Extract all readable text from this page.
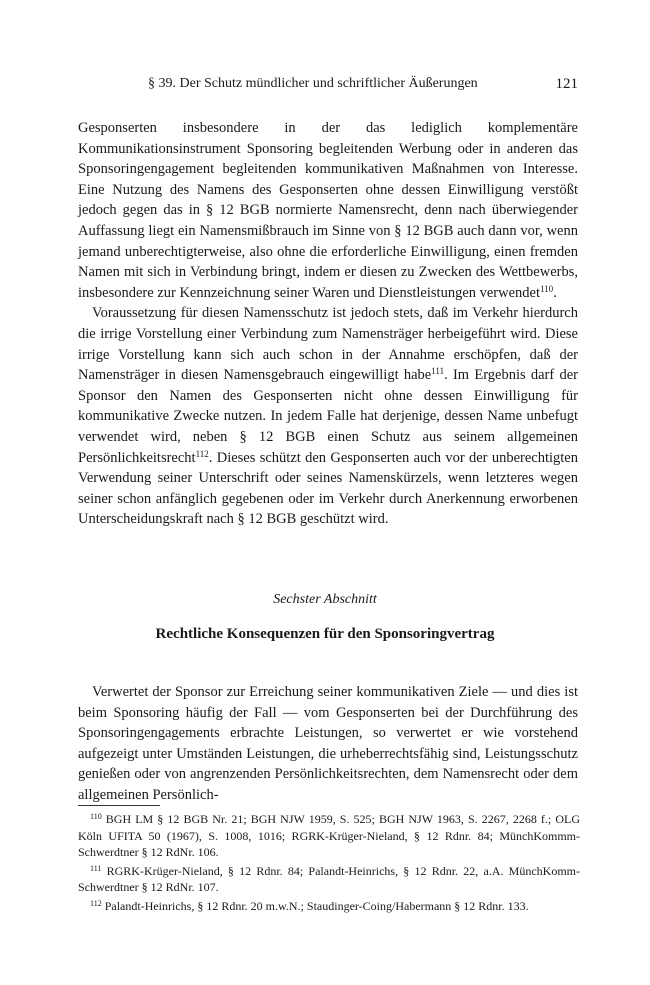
§ 39. Der Schutz mündlicher und schriftlicher Äußerungen	121

Gesponserten insbesondere in der das lediglich komplementäre Kommunikationsinstrument Sponsoring begleitenden Werbung oder in anderen das Sponsoringengagement begleitenden kommunikativen Maßnahmen von Interesse. Eine Nutzung des Namens des Gesponserten ohne dessen Einwilligung verstößt jedoch gegen das in § 12 BGB normierte Namensrecht, denn nach überwiegender Auffassung liegt ein Namensmißbrauch im Sinne von § 12 BGB auch dann vor, wenn jemand unberechtigterweise, also ohne die erforderliche Einwilligung, einen fremden Namen mit sich in Verbindung bringt, indem er diesen zu Zwecken des Wettbewerbs, insbesondere zur Kennzeichnung seiner Waren und Dienstleistungen verwendet$^{110}$.

Voraussetzung für diesen Namensschutz ist jedoch stets, daß im Verkehr hierdurch die irrige Vorstellung einer Verbindung zum Namensträger herbeigeführt wird. Diese irrige Vorstellung kann sich auch schon in der Annahme erschöpfen, daß der Namensträger in diesen Namensgebrauch eingewilligt habe$^{111}$. Im Ergebnis darf der Sponsor den Namen des Gesponserten nicht ohne dessen Einwilligung für kommunikative Zwecke nutzen. In jedem Falle hat derjenige, dessen Name unbefugt verwendet wird, neben § 12 BGB einen Schutz aus seinem allgemeinen Persönlichkeitsrecht$^{112}$. Dieses schützt den Gesponserten auch vor der unberechtigten Verwendung seiner Unterschrift oder seines Namenskürzels, wenn letzteres wegen seiner schon anfänglich gegebenen oder im Verkehr durch Anerkennung erworbenen Unterscheidungskraft nach § 12 BGB geschützt wird.

Sechster Abschnitt
Rechtliche Konsequenzen für den Sponsoringvertrag

Verwertet der Sponsor zur Erreichung seiner kommunikativen Ziele — und dies ist beim Sponsoring häufig der Fall — vom Gesponserten bei der Durchführung des Sponsoringengagements erbrachte Leistungen, so verwertet er wie vorstehend aufgezeigt unter Umständen Leistungen, die urheberrechtsfähig sind, Leistungsschutz genießen oder von angrenzenden Persönlichkeitsrechten, dem Namensrecht oder dem allgemeinen Persönlich-

$^{110}$ BGH LM § 12 BGB Nr. 21; BGH NJW 1959, S. 525; BGH NJW 1963, S. 2267, 2268 f.; OLG Köln UFITA 50 (1967), S. 1008, 1016; RGRK-Krüger-Nieland, § 12 Rdnr. 84; MünchKommm-Schwerdtner § 12 RdNr. 106.

$^{111}$ RGRK-Krüger-Nieland, § 12 Rdnr. 84; Palandt-Heinrichs, § 12 Rdnr. 22, a.A. MünchKomm-Schwerdtner § 12 RdNr. 107.

$^{112}$ Palandt-Heinrichs, § 12 Rdnr. 20 m.w.N.; Staudinger-Coing/Habermann § 12 Rdnr. 133.
